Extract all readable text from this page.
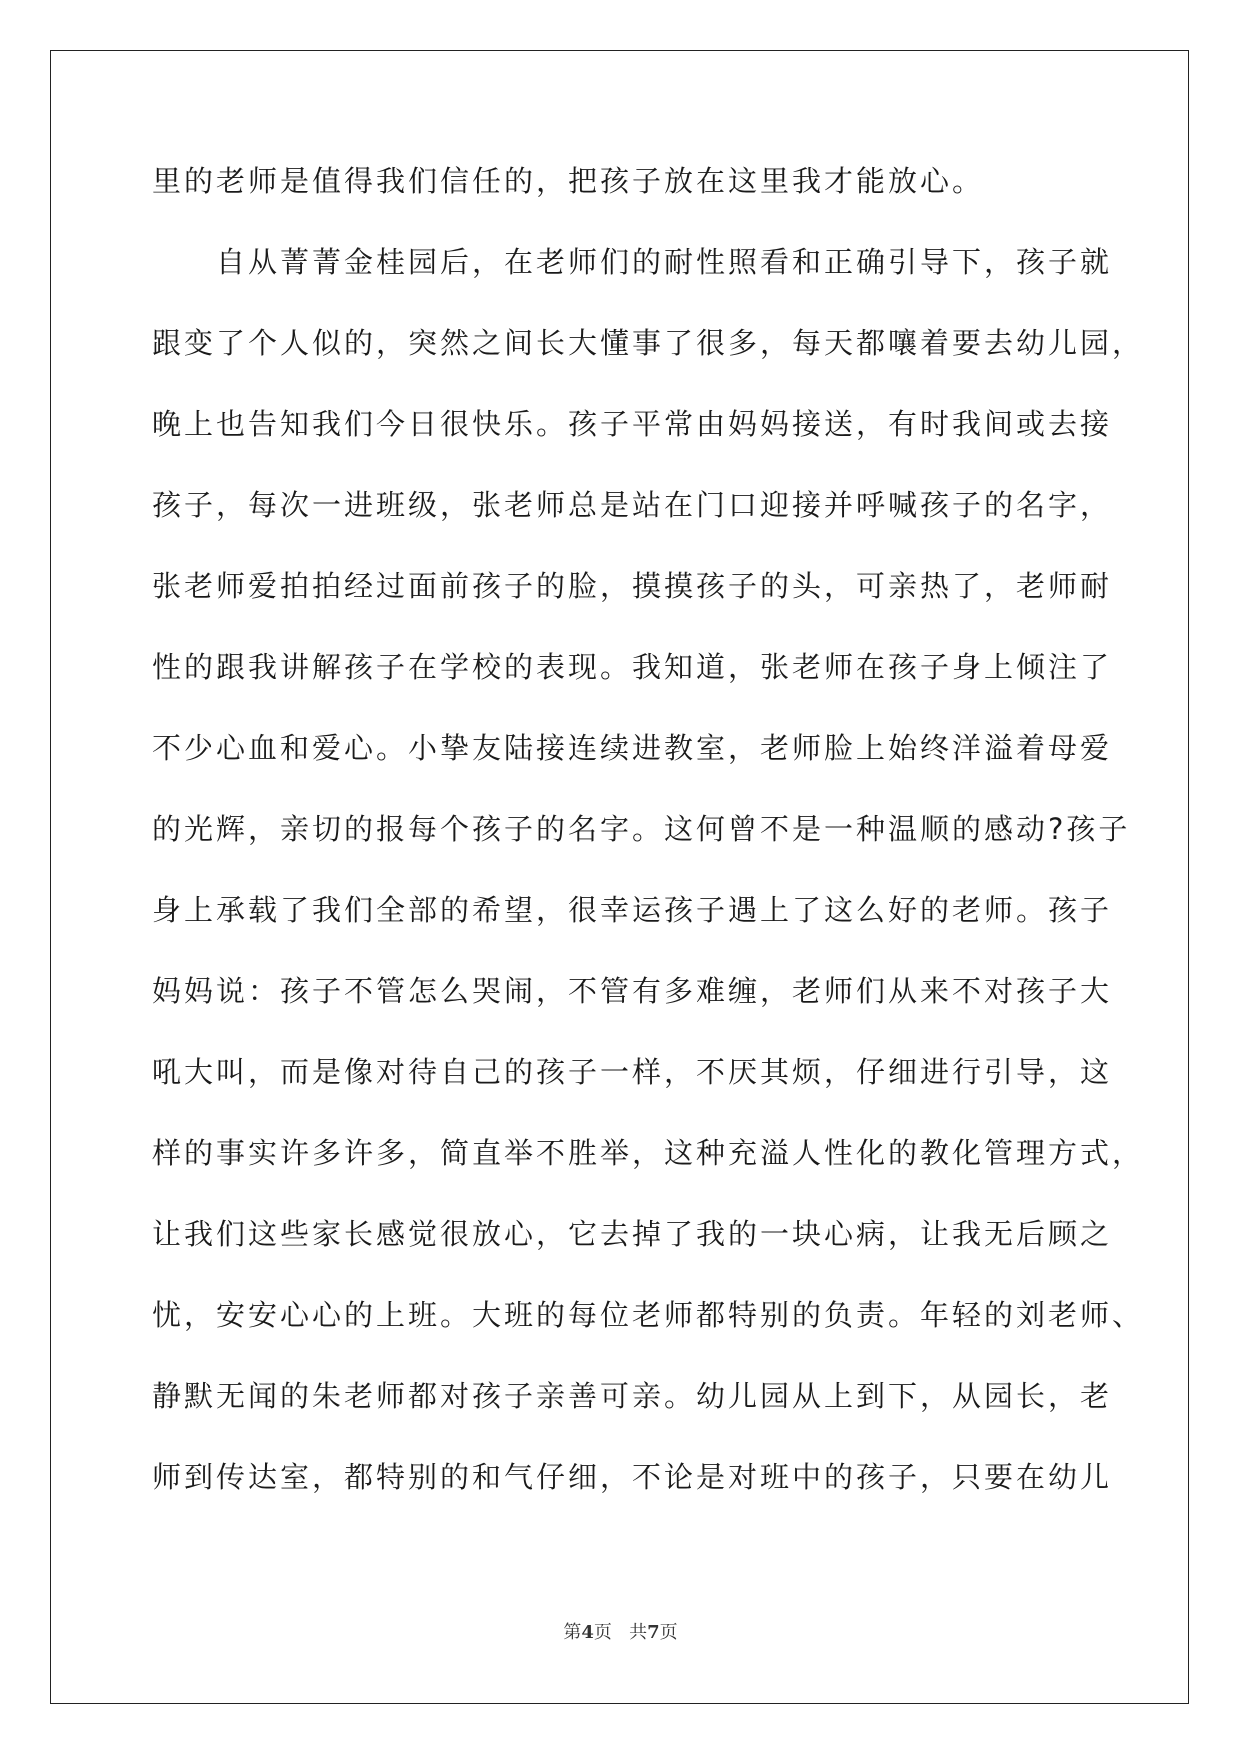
里的老师是值得我们信任的，把孩子放在这里我才能放心。
自从菁菁金桂园后，在老师们的耐性照看和正确引导下，孩子就
跟变了个人似的，突然之间长大懂事了很多，每天都嚷着要去幼儿园，
晚上也告知我们今日很快乐。孩子平常由妈妈接送，有时我间或去接
孩子，每次一进班级，张老师总是站在门口迎接并呼喊孩子的名字，
张老师爱拍拍经过面前孩子的脸，摸摸孩子的头，可亲热了，老师耐
性的跟我讲解孩子在学校的表现。我知道，张老师在孩子身上倾注了
不少心血和爱心。小挚友陆接连续进教室，老师脸上始终洋溢着母爱
的光辉，亲切的报每个孩子的名字。这何曾不是一种温顺的感动?孩子
身上承载了我们全部的希望，很幸运孩子遇上了这么好的老师。孩子
妈妈说：孩子不管怎么哭闹，不管有多难缠，老师们从来不对孩子大
吼大叫，而是像对待自己的孩子一样，不厌其烦，仔细进行引导，这
样的事实许多许多，简直举不胜举，这种充溢人性化的教化管理方式，
让我们这些家长感觉很放心，它去掉了我的一块心病，让我无后顾之
忧，安安心心的上班。大班的每位老师都特别的负责。年轻的刘老师、
静默无闻的朱老师都对孩子亲善可亲。幼儿园从上到下，从园长，老
师到传达室，都特别的和气仔细，不论是对班中的孩子，只要在幼儿
第4页 共7页
